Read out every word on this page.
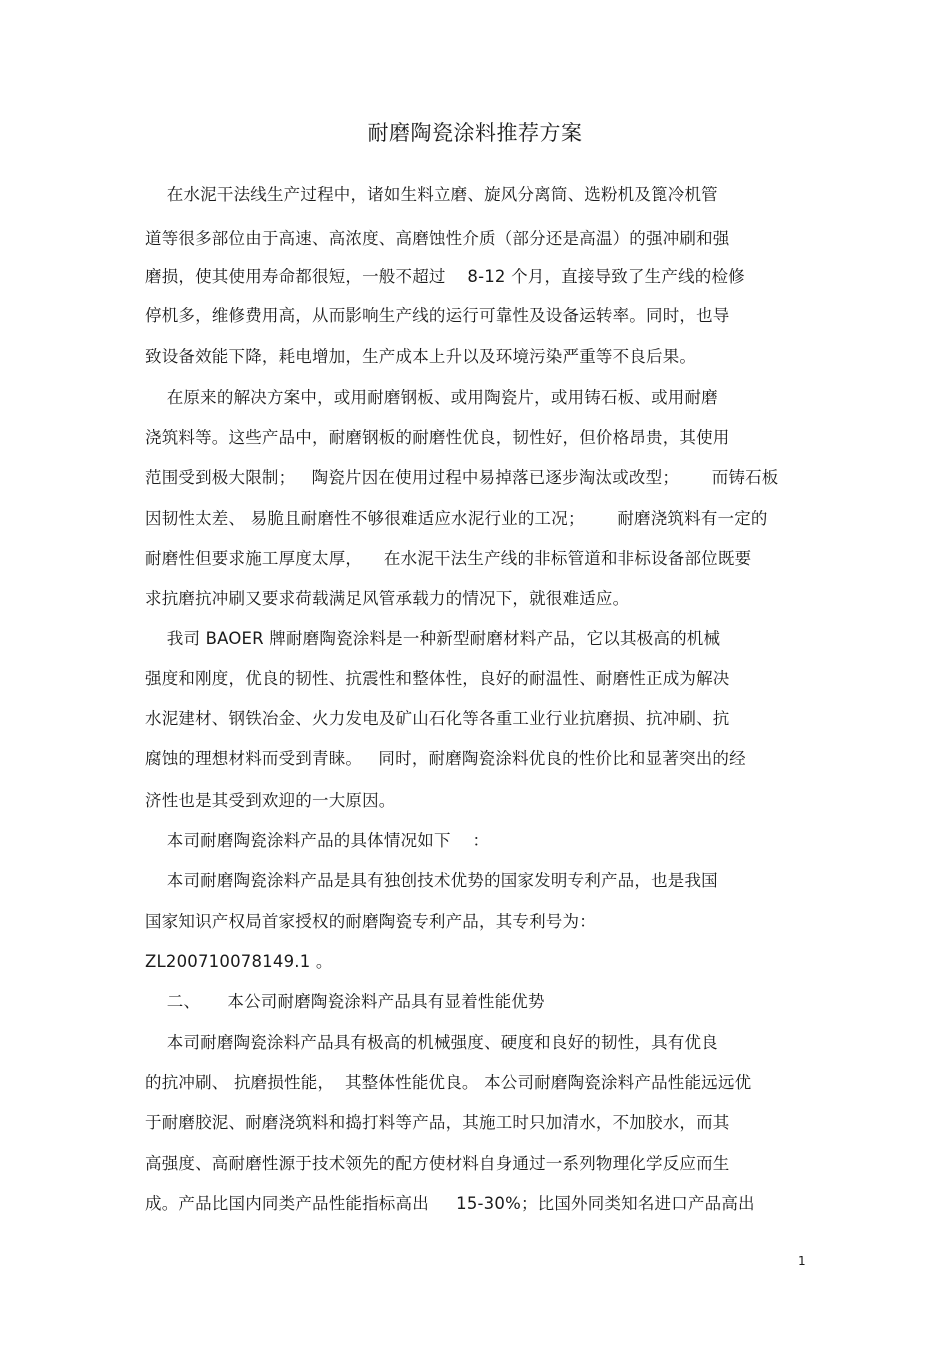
耐磨陶瓷涂料推荐方案
在水泥干法线生产过程中，诸如生料立磨、旋风分离筒、选粉机及篦冷机管
道等很多部位由于高速、高浓度、高磨蚀性介质（部分还是高温）的强冲刷和强
磨损，使其使用寿命都很短，一般不超过    8-12 个月，直接导致了生产线的检修
停机多，维修费用高，从而影响生产线的运行可靠性及设备运转率。同时，也导
致设备效能下降，耗电增加，生产成本上升以及环境污染严重等不良后果。
在原来的解决方案中，或用耐磨钢板、或用陶瓷片，或用铸石板、或用耐磨
浇筑料等。这些产品中，耐磨钢板的耐磨性优良，韧性好，但价格昂贵，其使用
范围受到极大限制；   陶瓷片因在使用过程中易掉落已逐步淘汰或改型；      而铸石板
因韧性太差、 易脆且耐磨性不够很难适应水泥行业的工况；      耐磨浇筑料有一定的
耐磨性但要求施工厚度太厚，    在水泥干法生产线的非标管道和非标设备部位既要
求抗磨抗冲刷又要求荷载满足风管承载力的情况下，就很难适应。
我司 BAOER 牌耐磨陶瓷涂料是一种新型耐磨材料产品，它以其极高的机械
强度和刚度，优良的韧性、抗震性和整体性，良好的耐温性、耐磨性正成为解决
水泥建材、钢铁冶金、火力发电及矿山石化等各重工业行业抗磨损、抗冲刷、抗
腐蚀的理想材料而受到青睐。   同时，耐磨陶瓷涂料优良的性价比和显著突出的经
济性也是其受到欢迎的一大原因。
本司耐磨陶瓷涂料产品的具体情况如下    ：
本司耐磨陶瓷涂料产品是具有独创技术优势的国家发明专利产品，也是我国
国家知识产权局首家授权的耐磨陶瓷专利产品，其专利号为：
ZL200710078149.1 。
二、     本公司耐磨陶瓷涂料产品具有显着性能优势
本司耐磨陶瓷涂料产品具有极高的机械强度、硬度和良好的韧性，具有优良
的抗冲刷、 抗磨损性能，  其整体性能优良。 本公司耐磨陶瓷涂料产品性能远远优
于耐磨胶泥、耐磨浇筑料和捣打料等产品，其施工时只加清水，不加胶水，而其
高强度、高耐磨性源于技术领先的配方使材料自身通过一系列物理化学反应而生
成。产品比国内同类产品性能指标高出     15-30%；比国外同类知名进口产品高出
1
